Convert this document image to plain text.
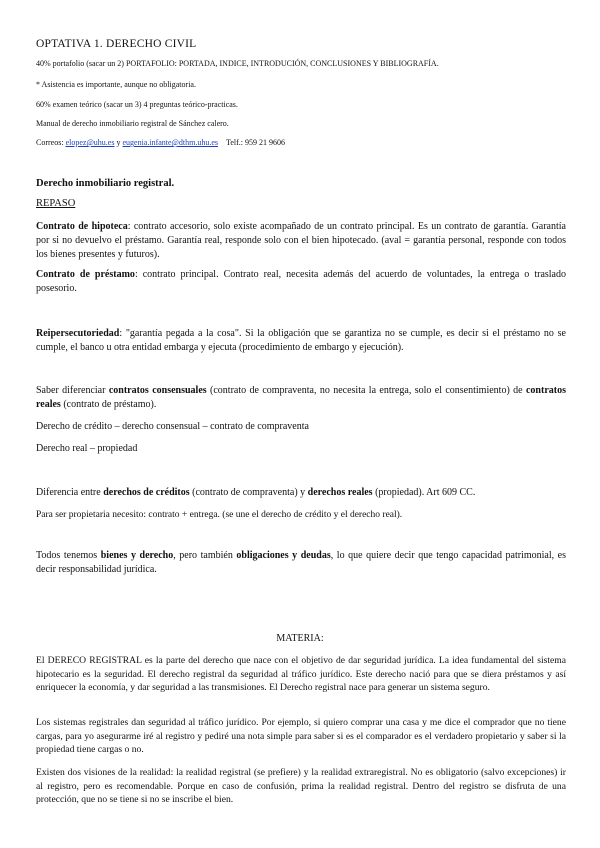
OPTATIVA 1. DERECHO CIVIL
40% portafolio (sacar un 2) PORTAFOLIO: PORTADA, INDICE, INTRODUCIÓN, CONCLUSIONES Y BIBLIOGRAFÍA.
* Asistencia es importante, aunque no obligatoria.
60% examen teórico (sacar un 3) 4 preguntas teórico-practicas.
Manual de derecho inmobiliario registral de Sánchez calero.
Correos: elopez@uhu.es y eugenia.infante@dthm.uhu.es Telf.: 959 21 9606
Derecho inmobiliario registral.
REPASO
Contrato de hipoteca: contrato accesorio, solo existe acompañado de un contrato principal. Es un contrato de garantía. Garantía por si no devuelvo el préstamo. Garantía real, responde solo con el bien hipotecado. (aval = garantía personal, responde con todos los bienes presentes y futuros).
Contrato de préstamo: contrato principal. Contrato real, necesita además del acuerdo de voluntades, la entrega o traslado posesorio.
Reipersecutoriedad: "garantía pegada a la cosa". Si la obligación que se garantiza no se cumple, es decir si el préstamo no se cumple, el banco u otra entidad embarga y ejecuta (procedimiento de embargo y ejecución).
Saber diferenciar contratos consensuales (contrato de compraventa, no necesita la entrega, solo el consentimiento) de contratos reales (contrato de préstamo).
Derecho de crédito – derecho consensual – contrato de compraventa
Derecho real – propiedad
Diferencia entre derechos de créditos (contrato de compraventa) y derechos reales (propiedad). Art 609 CC.
Para ser propietaria necesito: contrato + entrega. (se une el derecho de crédito y el derecho real).
Todos tenemos bienes y derecho, pero también obligaciones y deudas, lo que quiere decir que tengo capacidad patrimonial, es decir responsabilidad jurídica.
MATERIA:
El DERECO REGISTRAL es la parte del derecho que nace con el objetivo de dar seguridad jurídica. La idea fundamental del sistema hipotecario es la seguridad. El derecho registral da seguridad al tráfico jurídico. Este derecho nació para que se diera préstamos y así enriquecer la economía, y dar seguridad a las transmisiones. El Derecho registral nace para generar un sistema seguro.
Los sistemas registrales dan seguridad al tráfico jurídico. Por ejemplo, si quiero comprar una casa y me dice el comprador que no tiene cargas, para yo asegurarme iré al registro y pediré una nota simple para saber si es el comparador es el verdadero propietario y saber si la propiedad tiene cargas o no.
Existen dos visiones de la realidad: la realidad registral (se prefiere) y la realidad extraregistral. No es obligatorio (salvo excepciones) ir al registro, pero es recomendable. Porque en caso de confusión, prima la realidad registral. Dentro del registro se disfruta de una protección, que no se tiene si no se inscribe el bien.
